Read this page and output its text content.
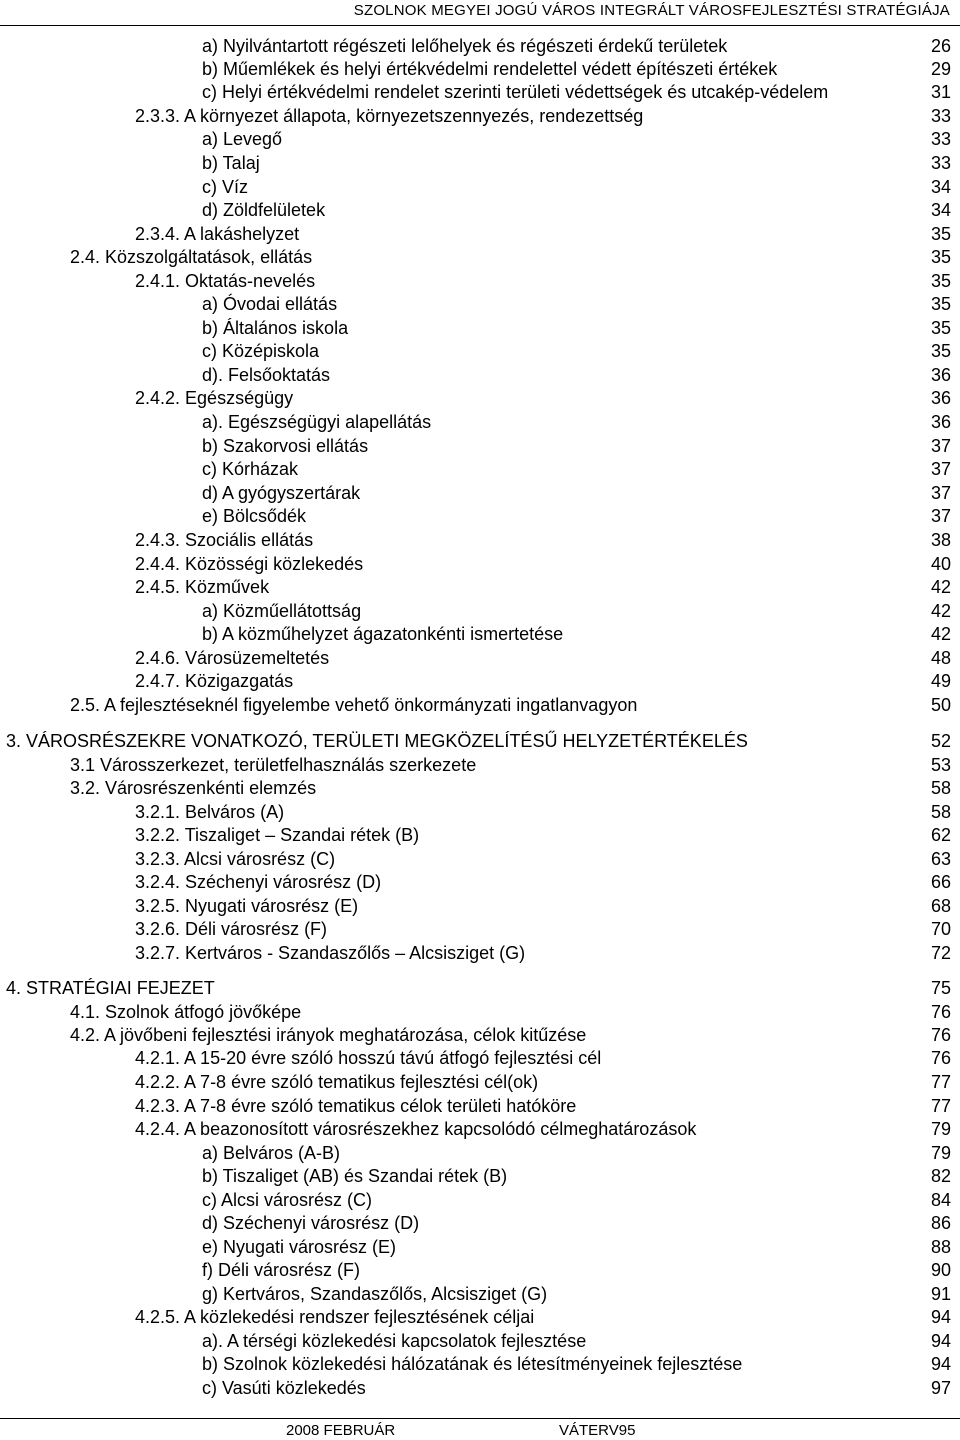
SZOLNOK MEGYEI JOGÚ VÁROS INTEGRÁLT VÁROSFEJLESZTÉSI STRATÉGIÁJA
a) Nyilvántartott régészeti lelőhelyek és régészeti érdekű területek	26
b) Műemlékek és helyi értékvédelmi rendelettel védett építészeti értékek	29
c) Helyi értékvédelmi rendelet szerinti területi védettségek és utcakép-védelem	31
2.3.3. A környezet állapota, környezetszennyezés, rendezettség	33
a) Levegő	33
b) Talaj	33
c) Víz	34
d) Zöldfelületek	34
2.3.4. A lakáshelyzet	35
2.4. Közszolgáltatások, ellátás	35
2.4.1. Oktatás-nevelés	35
a) Óvodai ellátás	35
b) Általános iskola	35
c) Középiskola	35
d). Felsőoktatás	36
2.4.2. Egészségügy	36
a). Egészségügyi alapellátás	36
b) Szakorvosi ellátás	37
c) Kórházak	37
d) A gyógyszertárak	37
e) Bölcsődék	37
2.4.3. Szociális ellátás	38
2.4.4. Közösségi közlekedés	40
2.4.5. Közművek	42
a) Közműellátottság	42
b) A közműhelyzet ágazatonkénti ismertetése	42
2.4.6. Városüzemeltetés	48
2.4.7. Közigazgatás	49
2.5. A fejlesztéseknél figyelembe vehető önkormányzati ingatlanvagyon	50
3. VÁROSRÉSZEKRE VONATKOZÓ, TERÜLETI MEGKÖZELÍTÉSŰ HELYZETÉRTÉKELÉS	52
3.1 Városszerkezet, területfelhasználás szerkezete	53
3.2. Városrészenkénti elemzés	58
3.2.1. Belváros (A)	58
3.2.2. Tiszaliget – Szandai rétek (B)	62
3.2.3. Alcsi városrész (C)	63
3.2.4. Széchenyi városrész (D)	66
3.2.5. Nyugati városrész (E)	68
3.2.6. Déli városrész (F)	70
3.2.7. Kertváros - Szandaszőlős – Alcsisziget (G)	72
4. STRATÉGIAI FEJEZET	75
4.1. Szolnok átfogó jövőképe	76
4.2. A jövőbeni fejlesztési irányok meghatározása, célok kitűzése	76
4.2.1. A 15-20 évre szóló hosszú távú átfogó fejlesztési cél	76
4.2.2. A 7-8 évre szóló tematikus fejlesztési cél(ok)	77
4.2.3. A 7-8 évre szóló tematikus célok területi hatóköre	77
4.2.4. A beazonosított városrészekhez kapcsolódó célmeghatározások	79
a) Belváros (A-B)	79
b) Tiszaliget (AB) és Szandai rétek (B)	82
c) Alcsi városrész (C)	84
d) Széchenyi városrész (D)	86
e) Nyugati városrész (E)	88
f) Déli városrész (F)	90
g) Kertváros, Szandaszőlős, Alcsisziget (G)	91
4.2.5. A közlekedési rendszer fejlesztésének céljai	94
a). A térségi közlekedési kapcsolatok fejlesztése	94
b) Szolnok közlekedési hálózatának és létesítményeinek fejlesztése	94
c) Vasúti közlekedés	97
2008 FEBRUÁR	VÁTERV95
